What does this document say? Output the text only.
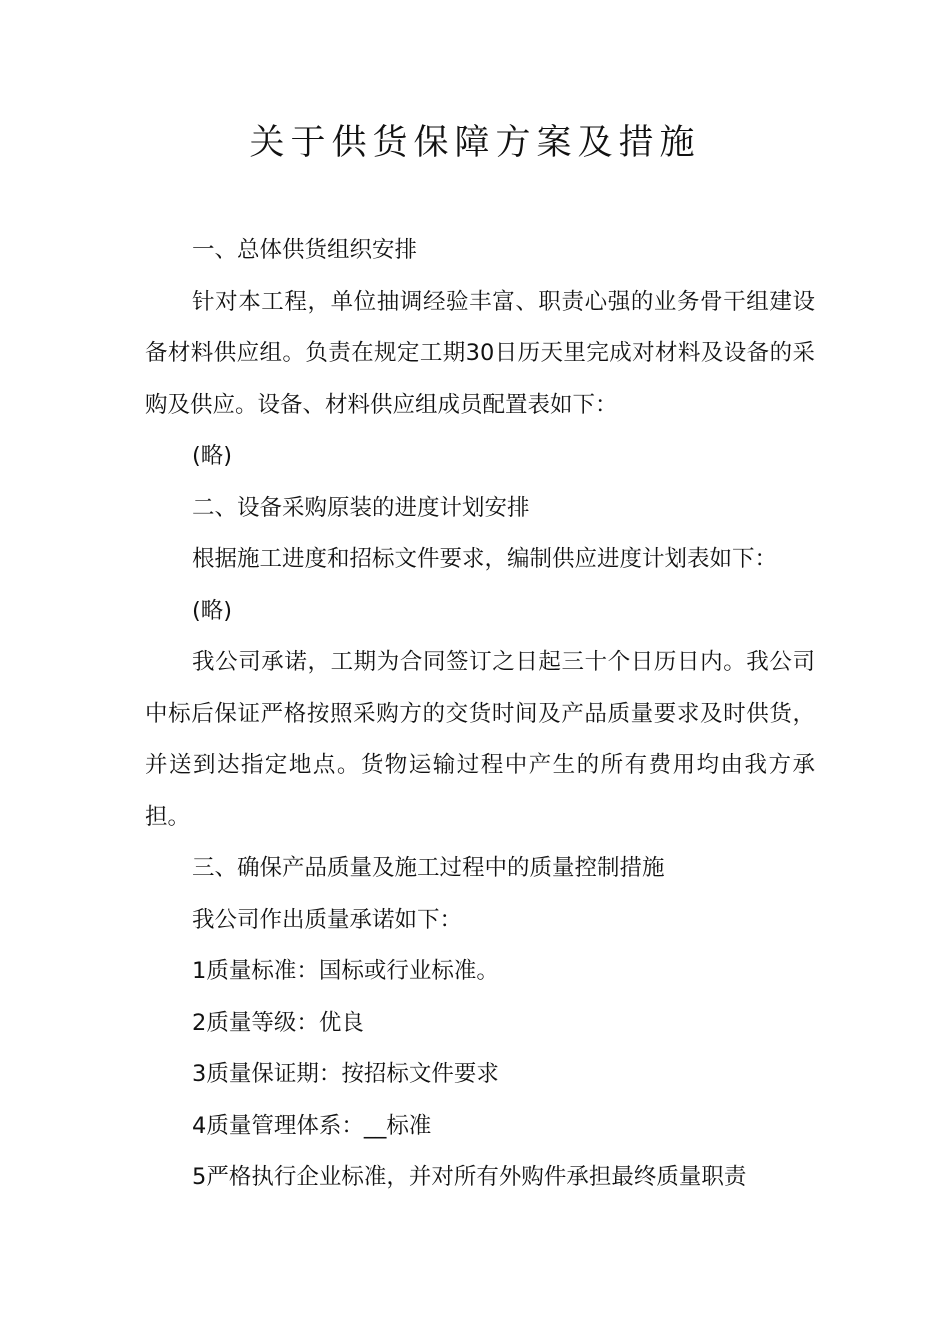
关于供货保障方案及措施

一、总体供货组织安排

针对本工程，单位抽调经验丰富、职责心强的业务骨干组建设备材料供应组。负责在规定工期30日历天里完成对材料及设备的采购及供应。设备、材料供应组成员配置表如下：

(略)

二、设备采购原装的进度计划安排

根据施工进度和招标文件要求，编制供应进度计划表如下：

(略)

我公司承诺，工期为合同签订之日起三十个日历日内。我公司中标后保证严格按照采购方的交货时间及产品质量要求及时供货，并送到达指定地点。货物运输过程中产生的所有费用均由我方承担。

三、确保产品质量及施工过程中的质量控制措施

我公司作出质量承诺如下：

1质量标准：国标或行业标准。

2质量等级：优良

3质量保证期：按招标文件要求

4质量管理体系：__标准

5严格执行企业标准，并对所有外购件承担最终质量职责
